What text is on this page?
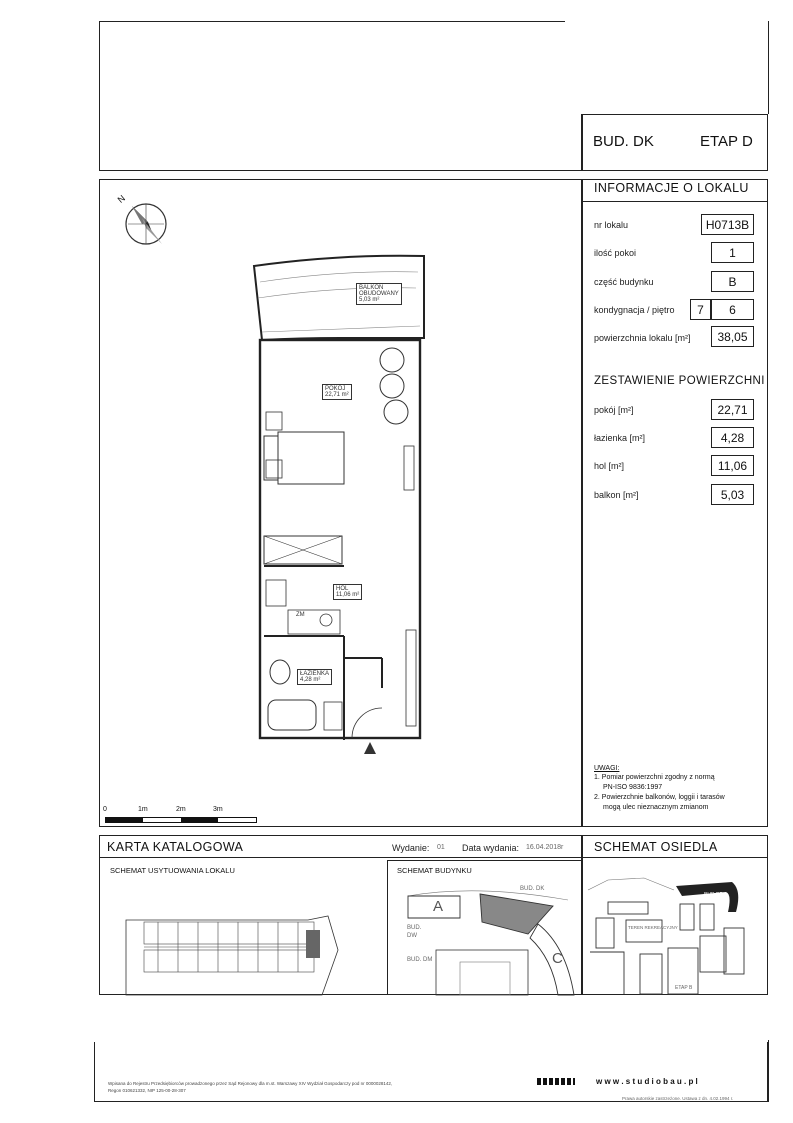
BUD. DK	ETAP D
INFORMACJE O LOKALU
nr lokalu	H0713B
ilość pokoi	1
część budynku	B
kondygnacja / piętro	7	6
powierzchnia lokalu [m²]	38,05
ZESTAWIENIE POWIERZCHNI
pokój [m²]	22,71
łazienka [m²]	4,28
hol [m²]	11,06
balkon [m²]	5,03
UWAGI:
1. Pomiar powierzchni zgodny z normą
PN-ISO 9836:1997
2. Powierzchnie balkonów, loggii i tarasów
mogą ulec nieznacznym zmianom
N
BALKON
OBUDOWANY
5,03 m²
POKÓJ
22,71 m²
HOL
11,06 m²
ŁAZIENKA
4,28 m²
ZM
0	1m	2m	3m
KARTA KATALOGOWA	Wydanie: 01 Data wydania: 16.04.2018r SCHEMAT OSIEDLA
SCHEMAT USYTUOWANIA LOKALU	SCHEMAT BUDYNKU
A
C
BUD. DK
BUD.
DW
BUD. DM
BUD DD
TEREN REKREACYJNY
ETAP B
Wpisana do Rejestru Przedsiębiorców prowadzonego przez Sąd Rejonowy dla m.st. Warszawy XIV Wydział Gospodarczy pod nr 0000028142,
Regon 010621332, NIP 125-00-28-307
w w w . s t u d i o b a u . p l
Prawa autorskie zastrzeżone. Ustawa z dn. 4.02.1994 r.
